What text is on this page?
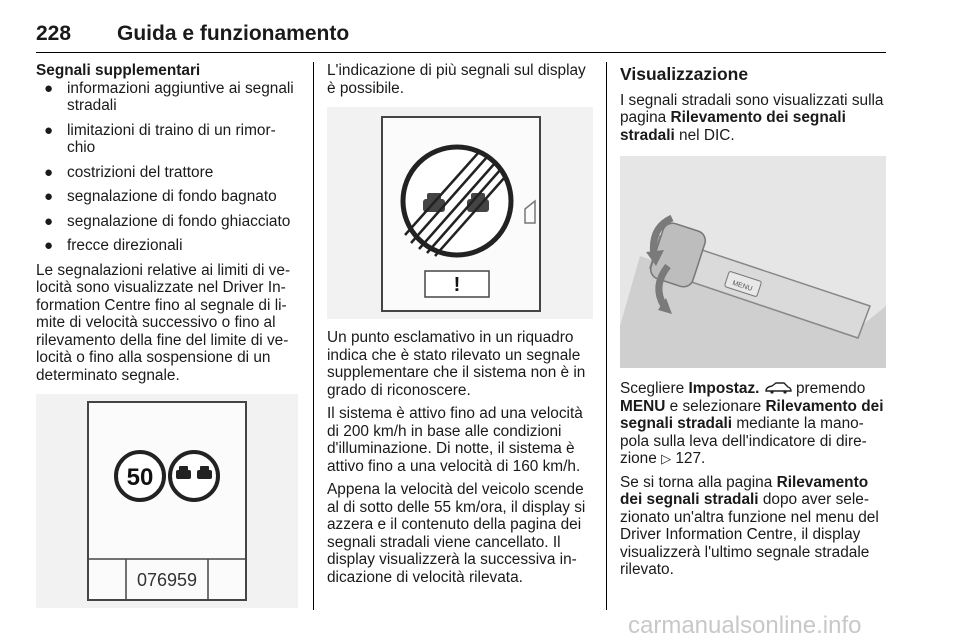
228 Guida e funzionamento
Segnali supplementari
● informazioni aggiuntive ai segnali stradali
● limitazioni di traino di un rimor-chio
● costrizioni del trattore
● segnalazione di fondo bagnato
● segnalazione di fondo ghiacciato
● frecce direzionali

Le segnalazioni relative ai limiti di ve-locità sono visualizzate nel Driver In-formation Centre fino al segnale di li-mite di velocità successivo o fino al rilevamento della fine del limite di ve-locità o fino alla sospensione di un determinato segnale.

50
076959

L'indicazione di più segnali sul display è possibile.

!

Un punto esclamativo in un riquadro indica che è stato rilevato un segnale supplementare che il sistema non è in grado di riconoscere.

Il sistema è attivo fino ad una velocità di 200 km/h in base alle condizioni d'illuminazione. Di notte, il sistema è attivo fino a una velocità di 160 km/h.

Appena la velocità del veicolo scende al di sotto delle 55 km/ora, il display si azzera e il contenuto della pagina dei segnali stradali viene cancellato. Il display visualizzerà la successiva in-dicazione di velocità rilevata.

Visualizzazione

I segnali stradali sono visualizzati sulla pagina Rilevamento dei segnali stradali nel DIC.

MENU

Scegliere Impostaz.  premendo MENU e selezionare Rilevamento dei segnali stradali mediante la mano-pola sulla leva dell'indicatore di dire-zione ▷ 127.

Se si torna alla pagina Rilevamento dei segnali stradali dopo aver sele-zionato un'altra funzione nel menu del Driver Information Centre, il display visualizzerà l'ultimo segnale stradale rilevato.

carmanualsonline.info
